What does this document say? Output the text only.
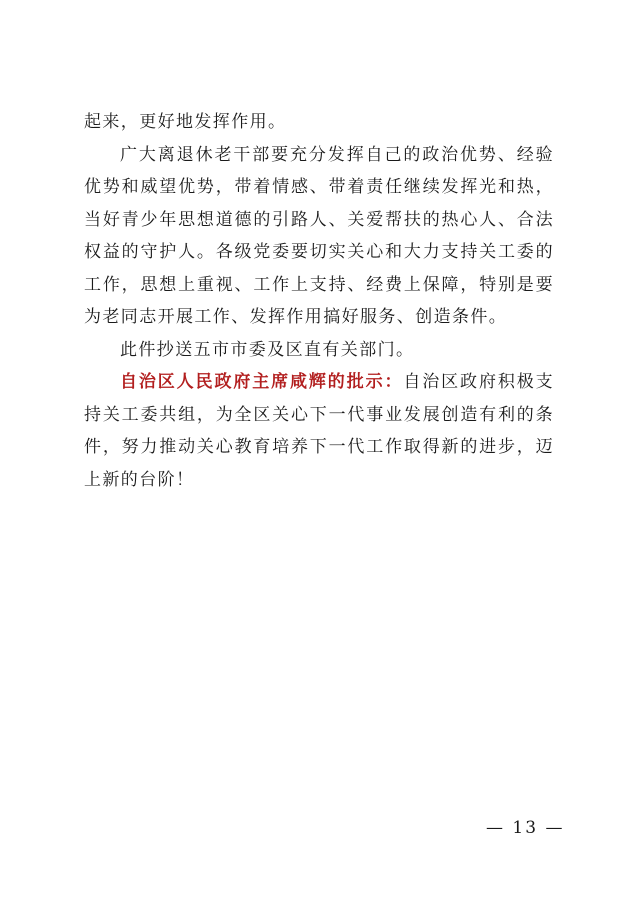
起来，更好地发挥作用。

广大离退休老干部要充分发挥自己的政治优势、经验优势和威望优势，带着情感、带着责任继续发挥光和热，当好青少年思想道德的引路人、关爱帮扶的热心人、合法权益的守护人。各级党委要切实关心和大力支持关工委的工作，思想上重视、工作上支持、经费上保障，特别是要为老同志开展工作、发挥作用搞好服务、创造条件。

此件抄送五市市委及区直有关部门。

自治区人民政府主席咸辉的批示：自治区政府积极支持关工委共组，为全区关心下一代事业发展创造有利的条件，努力推动关心教育培养下一代工作取得新的进步，迈上新的台阶！

— 13 —
